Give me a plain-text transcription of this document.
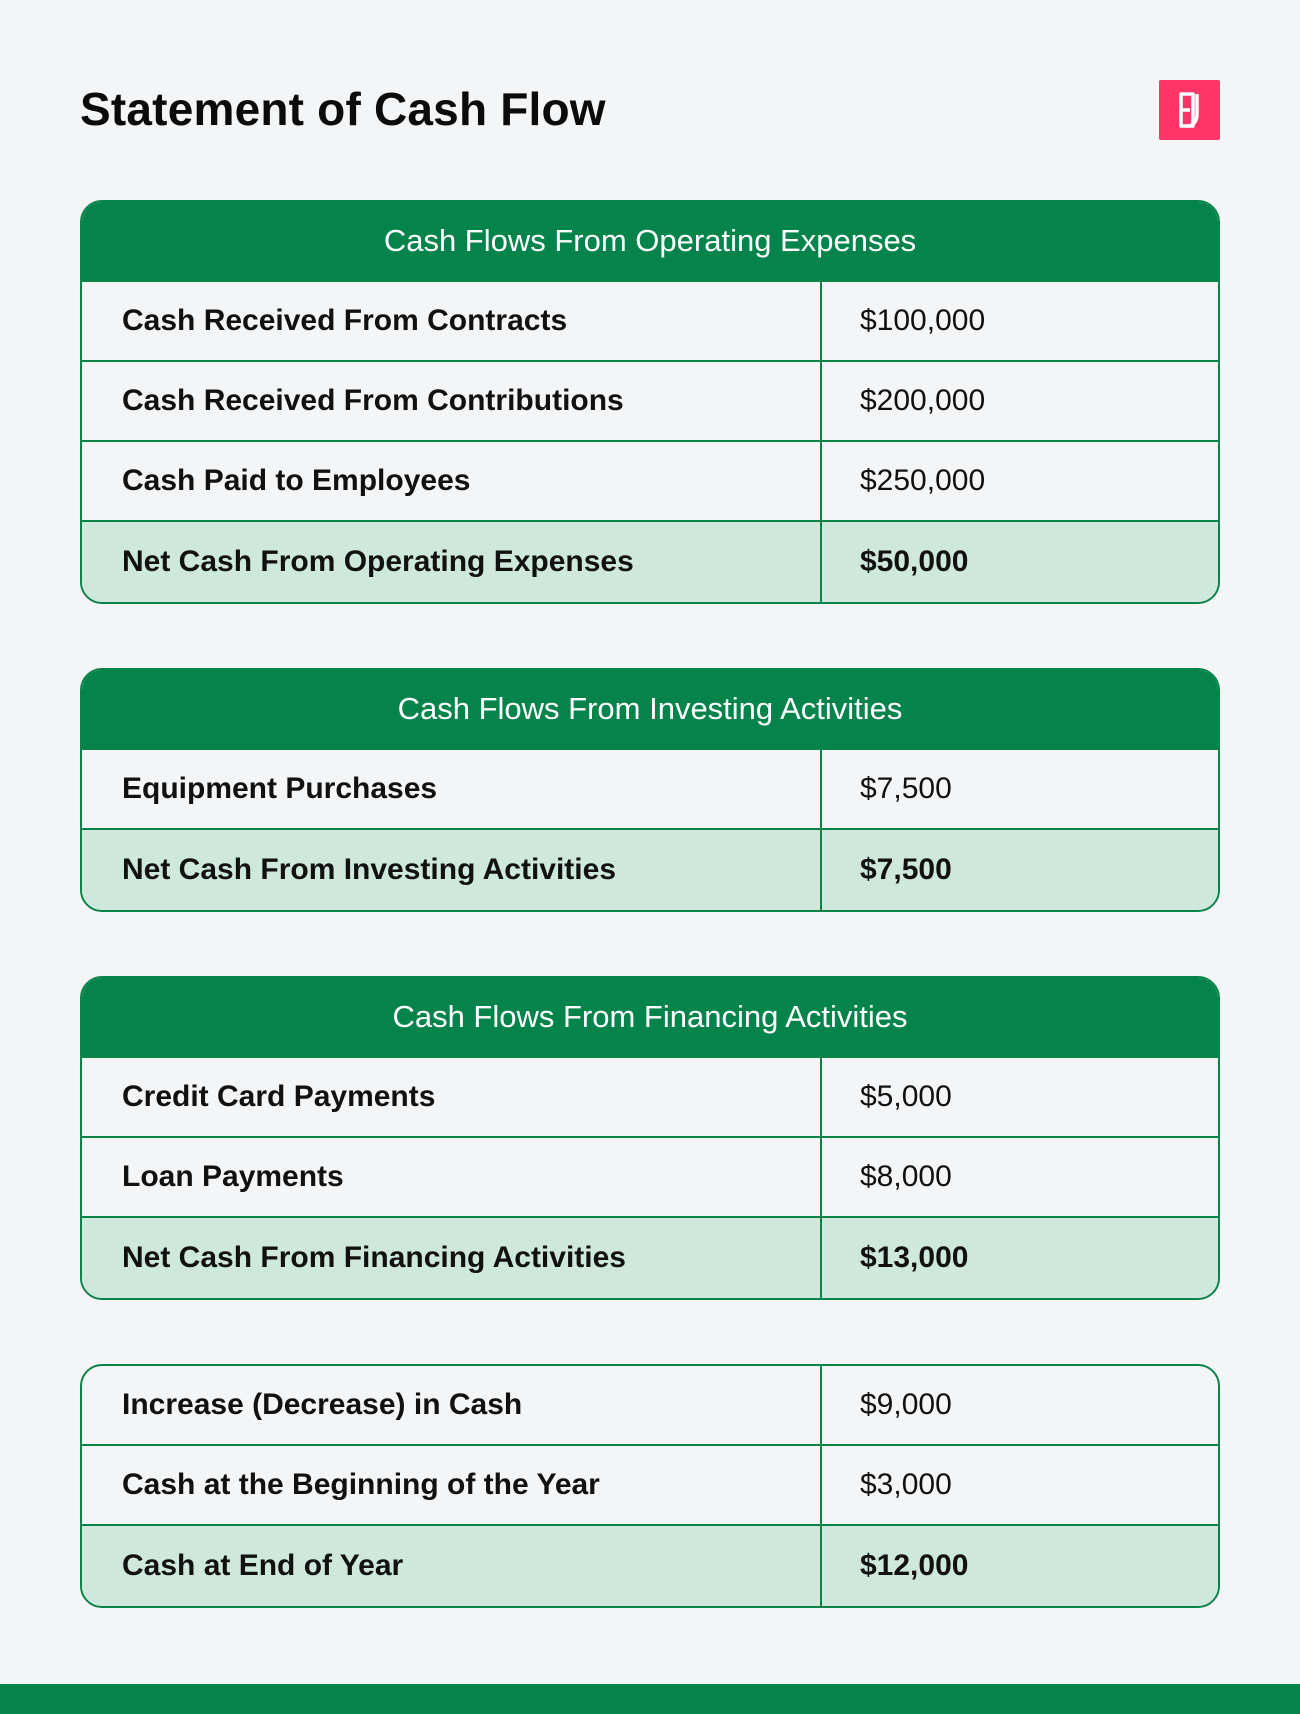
Statement of Cash Flow
Cash Flows From Operating Expenses
Cash Received From Contracts	$100,000
Cash Received From Contributions	$200,000
Cash Paid to Employees	$250,000
Net Cash From Operating Expenses	$50,000
Cash Flows From Investing Activities
Equipment Purchases	$7,500
Net Cash From Investing Activities	$7,500
Cash Flows From Financing Activities
Credit Card Payments	$5,000
Loan Payments	$8,000
Net Cash From Financing Activities	$13,000
Increase (Decrease) in Cash	$9,000
Cash at the Beginning of the Year	$3,000
Cash at End of Year	$12,000
